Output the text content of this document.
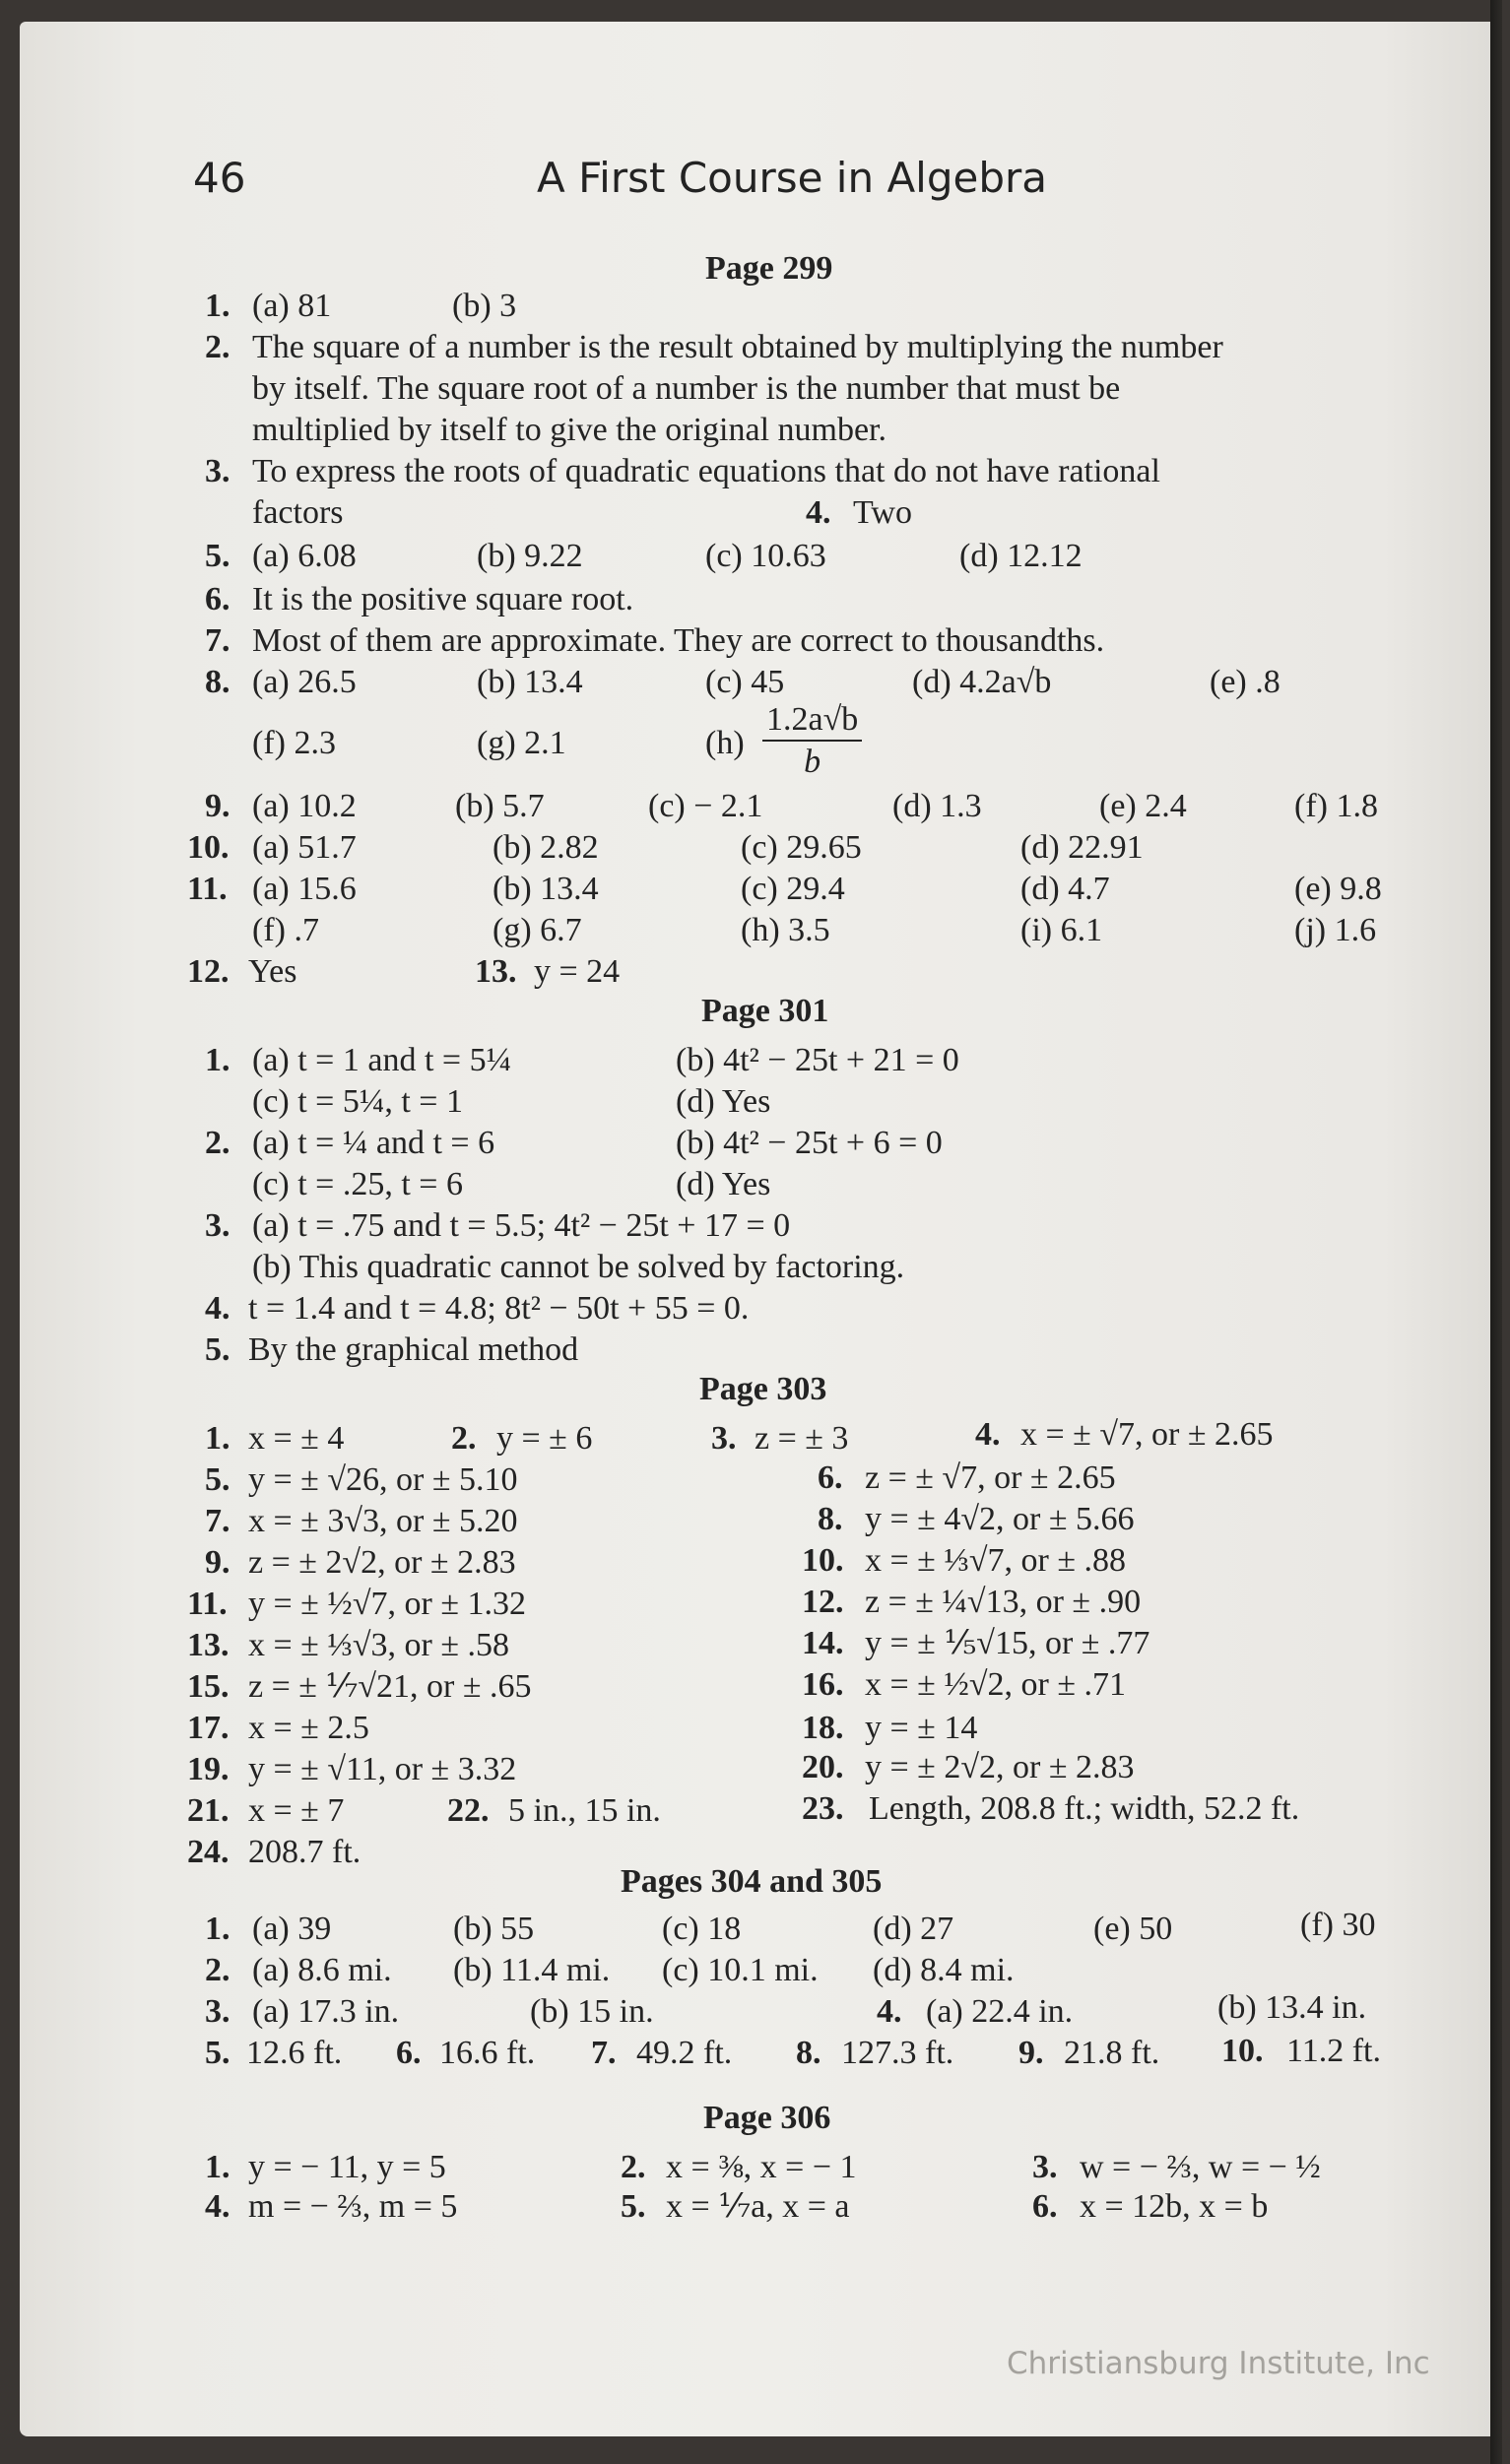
46	A First Course in Algebra
Page 299
1. (a) 81	(b) 3
2. The square of a number is the result obtained by multiplying the number
by itself. The square root of a number is the number that must be
multiplied by itself to give the original number.
3. To express the roots of quadratic equations that do not have rational
factors	4. Two
5. (a) 6.08	(b) 9.22	(c) 10.63	(d) 12.12
6. It is the positive square root.
7. Most of them are approximate. They are correct to thousandths.
8. (a) 26.5	(b) 13.4	(c) 45	(d) 4.2a√b	(e) .8
(f) 2.3	(g) 2.1	$(h) \frac{1.2a√b}{b}$
9. (a) 10.2	(b) 5.7	(c) − 2.1	(d) 1.3	(e) 2.4	(f) 1.8
10. (a) 51.7	(b) 2.82	(c) 29.65	(d) 22.91
11. (a) 15.6	(b) 13.4	(c) 29.4	(d) 4.7	(e) 9.8
(f) .7	(g) 6.7	(h) 3.5	(i) 6.1	(j) 1.6
12. Yes	13. y = 24
Page 301
1. (a) t = 1 and t = 5¼	(b) 4t² − 25t + 21 = 0
(c) t = 5¼, t = 1	(d) Yes
2. (a) t = ¼ and t = 6	(b) 4t² − 25t + 6 = 0
(c) t = .25, t = 6	(d) Yes
3. (a) t = .75 and t = 5.5; 4t² − 25t + 17 = 0
(b) This quadratic cannot be solved by factoring.
4. t = 1.4 and t = 4.8; 8t² − 50t + 55 = 0.
5. By the graphical method
Page 303
1. x = ± 4	2. y = ± 6	3. z = ± 3	4. x = ± √7, or ± 2.65
5. y = ± √26, or ± 5.10	6. z = ± √7, or ± 2.65
7. x = ± 3√3, or ± 5.20	8. y = ± 4√2, or ± 5.66
9. z = ± 2√2, or ± 2.83	10. x = ± ⅓√7, or ± .88
11. y = ± ½√7, or ± 1.32	12. z = ± ¼√13, or ± .90
13. x = ± ⅓√3, or ± .58	14. y = ± ⅕√15, or ± .77
15. z = ± ⅐√21, or ± .65	16. x = ± ½√2, or ± .71
17. x = ± 2.5	18. y = ± 14
19. y = ± √11, or ± 3.32	20. y = ± 2√2, or ± 2.83
21. x = ± 7	22. 5 in., 15 in.	23. Length, 208.8 ft.; width, 52.2 ft.
24. 208.7 ft.
Pages 304 and 305
1. (a) 39	(b) 55	(c) 18	(d) 27	(e) 50	(f) 30
2. (a) 8.6 mi. (b) 11.4 mi. (c) 10.1 mi. (d) 8.4 mi.
3. (a) 17.3 in.	(b) 15 in.	4. (a) 22.4 in.	(b) 13.4 in.
5. 12.6 ft. 6. 16.6 ft. 7. 49.2 ft. 8. 127.3 ft. 9. 21.8 ft. 10. 11.2 ft.
Page 306
1. y = − 11, y = 5	2. x = ⅜, x = − 1	3. w = − ⅔, w = − ½
4. m = − ⅔, m = 5	5. x = ⅐a, x = a	6. x = 12b, x = b
Christiansburg Institute, Inc
